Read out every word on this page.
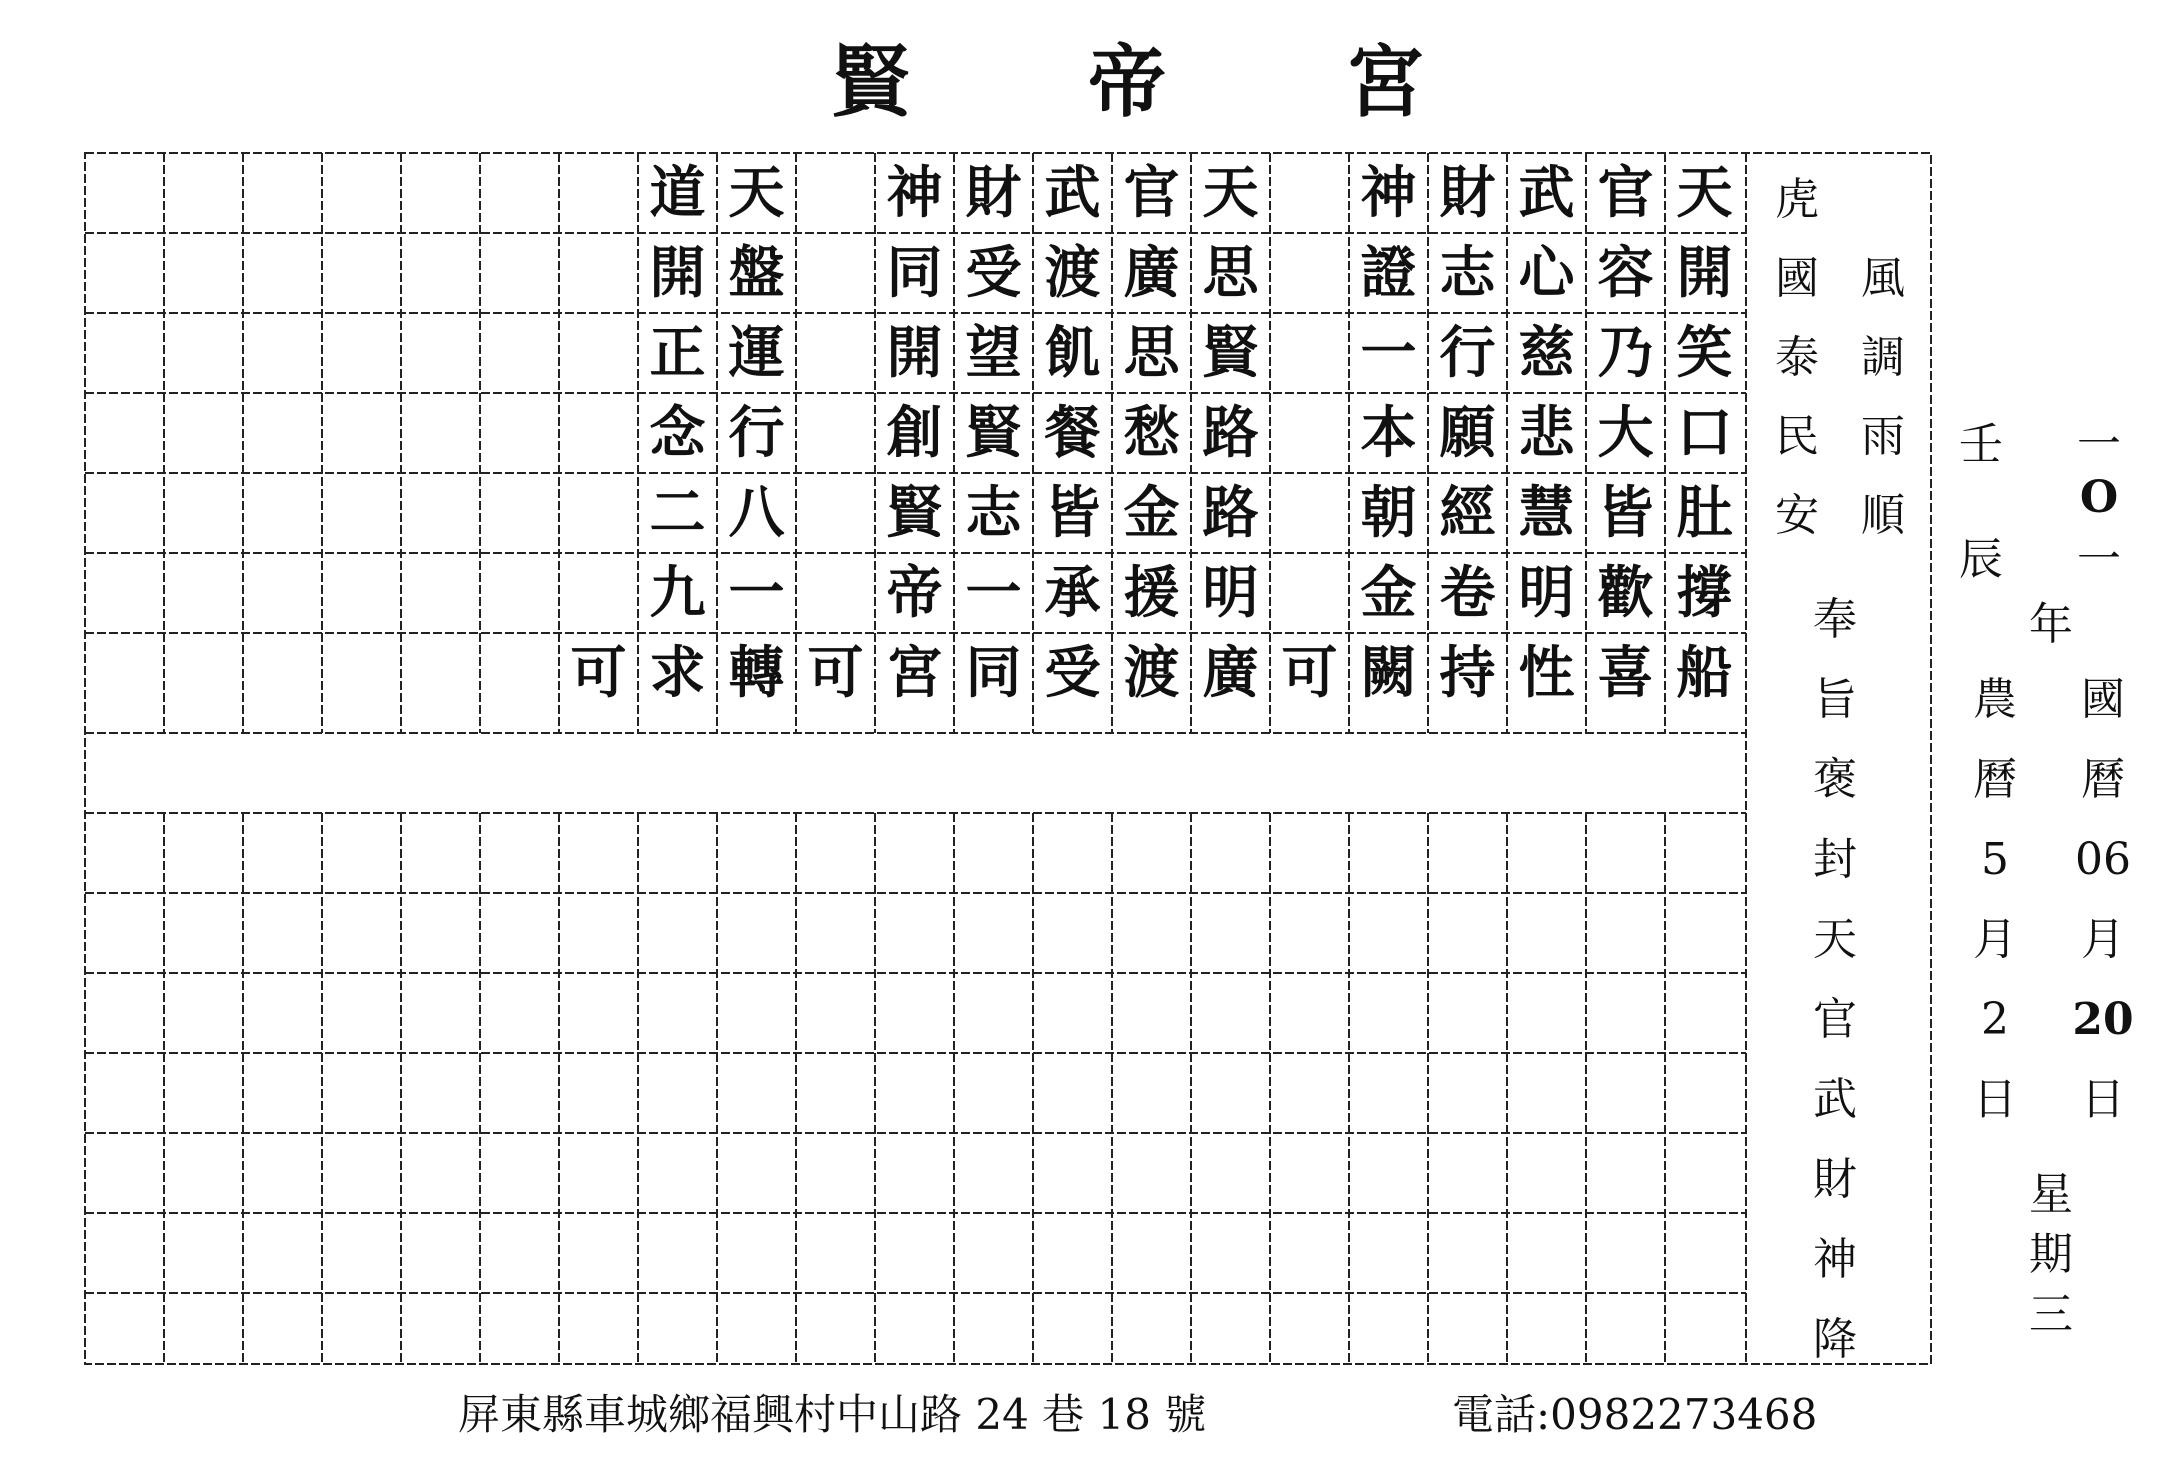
賢 帝 宮
天
開
笑
口
肚
撐
船
官
容
乃
大
皆
歡
喜
武
心
慈
悲
慧
明
性
財
志
行
願
經
卷
持
神
證
一
本
朝
金
闕
可
天
思
賢
路
路
明
廣
官
廣
思
愁
金
援
渡
武
渡
飢
餐
皆
承
受
財
受
望
賢
志
一
同
神
同
開
創
賢
帝
宮
可
天
盤
運
行
八
一
轉
道
開
正
念
二
九
求
可
虎
國
泰
民
安
風
調
雨
順
奉
旨
褒
封
天
官
武
財
神
降
一
O
一
年
國
曆
06
月
20
日
星
期
三
壬
辰
農
曆
5
月
2
日
屏東縣車城鄉福興村中山路 24 巷 18 號	電話:0982273468
